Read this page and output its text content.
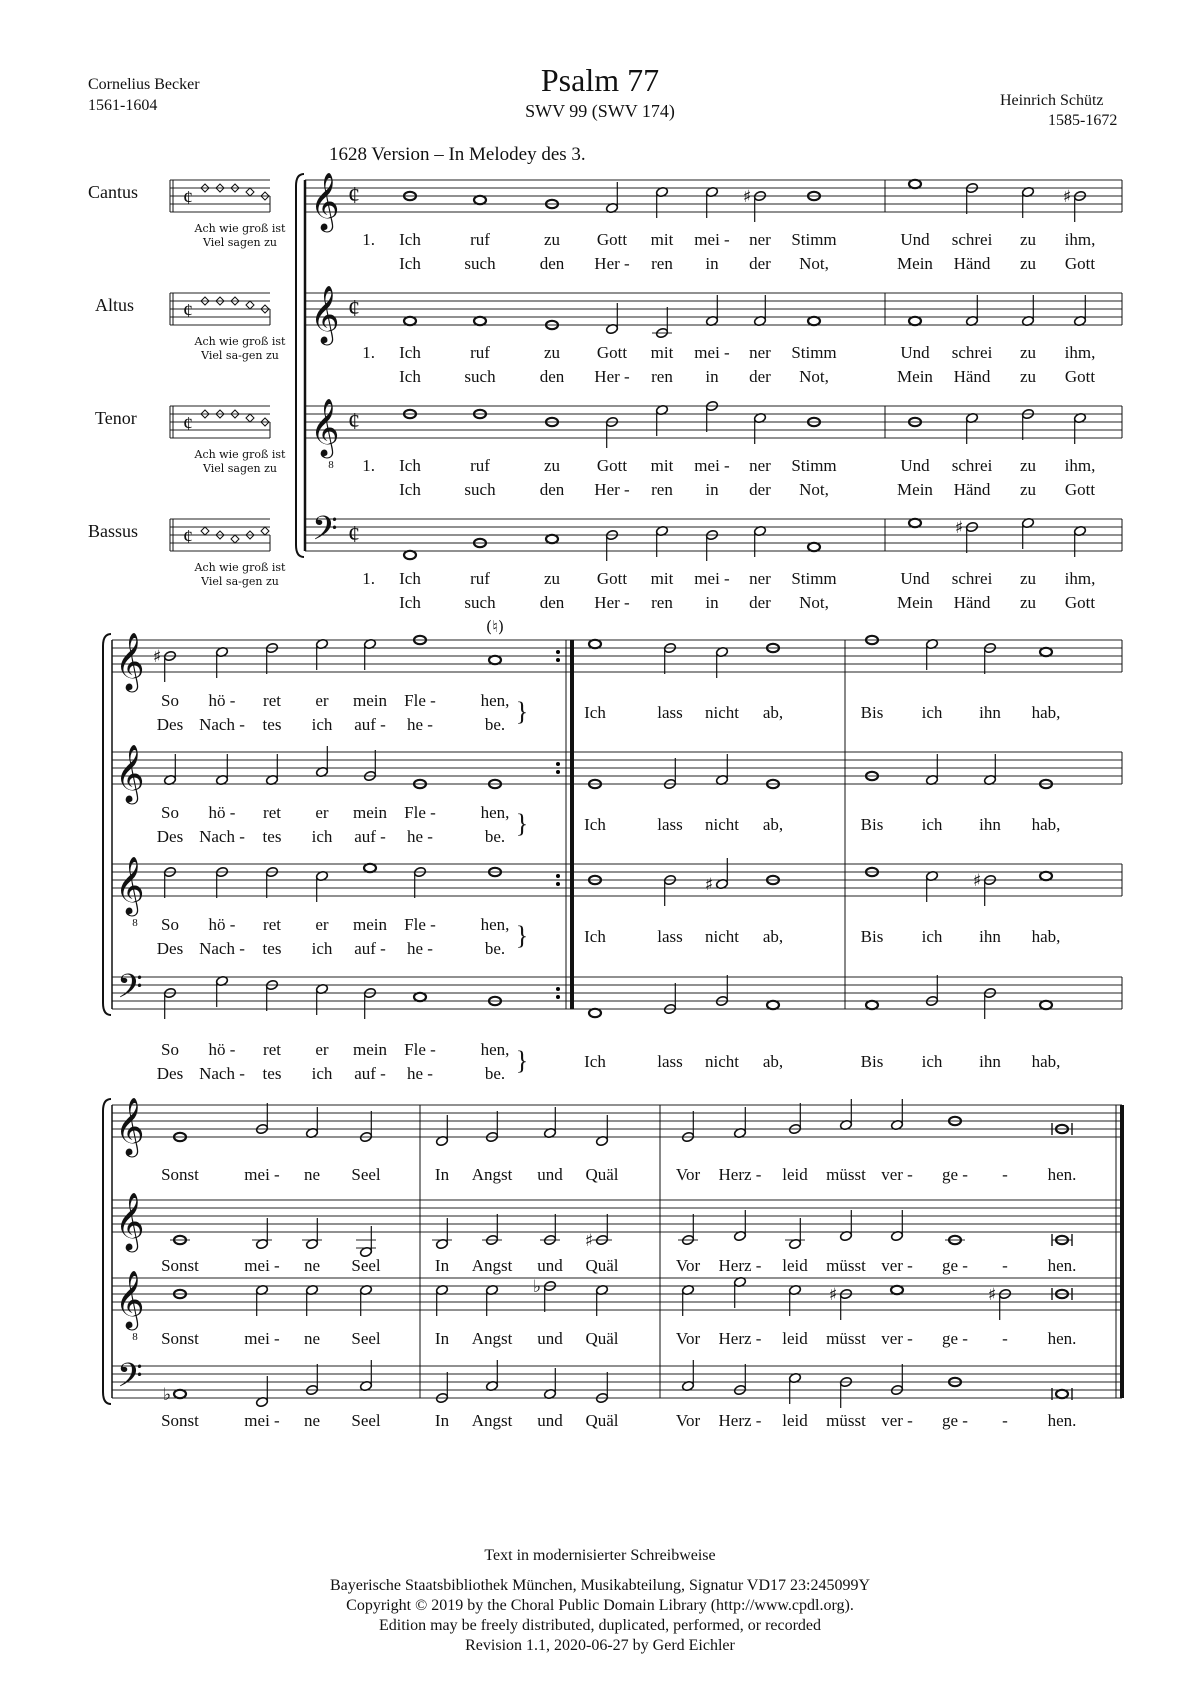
Psalm 77
SWV 99 (SWV 174)
Cornelius Becker
1561-1604	Heinrich Schütz
1585-1672
1628 Version – In Melodey des 3.
Cantus
Altus
Tenor
Bassus
¢
Ach wie groß ist
Viel sagen zu
¢
Ach wie groß ist
Viel sa-gen zu
¢
Ach wie groß ist
Viel sagen zu
¢
Ach wie groß ist
Viel sa-gen zu
𝄞 ¢
𝄞 ¢
𝄞
8
¢
𝄢 ¢
♯	♯
♯
1. Ich	ruf	zu Gott mit mei - ner Stimm	Und schrei zu ihm,
Ich	such	den Her - ren in der Not,	Mein Händ zu Gott
1. Ich	ruf	zu Gott mit mei - ner Stimm	Und schrei zu ihm,
Ich	such	den Her - ren in der Not,	Mein Händ zu Gott
1. Ich	ruf	zu Gott mit mei - ner Stimm	Und schrei zu ihm,
Ich	such	den Her - ren in der Not,	Mein Händ zu Gott
1. Ich	ruf	zu Gott mit mei - ner Stimm	Und schrei zu ihm,
Ich	such	den Her - ren in der Not,	Mein Händ zu Gott
𝄞
𝄞
𝄞
8
𝄢
(♮)
♯
♯	♯
So hö - ret er mein Fle -	hen,
Des Nach - tes ich auf - he -	be. }	Ich	lass nicht ab,	Bis ich ihn hab,
So hö - ret er mein Fle -	hen,
Des Nach - tes ich auf - he -	be. }	Ich	lass nicht ab,	Bis ich ihn hab,
So hö - ret er mein Fle -	hen,
Des Nach - tes ich auf - he -	be. }	Ich	lass nicht ab,	Bis ich ihn hab,
So hö - ret er mein Fle -	hen,
Des Nach - tes ich auf - he -	be. }	Ich	lass nicht ab,	Bis ich ihn hab,
𝄞
𝄞
𝄞
8
𝄢
♯
♭	♯	♯
♭
Sonst	mei - ne Seel	In Angst und Quäl	Vor Herz - leid müsst ver - ge - - hen.
Sonst	mei - ne Seel	In Angst und Quäl	Vor Herz - leid müsst ver - ge - - hen.
Sonst	mei - ne Seel	In Angst und Quäl	Vor Herz - leid müsst ver - ge - - hen.
Sonst	mei - ne Seel	In Angst und Quäl	Vor Herz - leid müsst ver - ge - - hen.
Text in modernisierter Schreibweise
Bayerische Staatsbibliothek München, Musikabteilung, Signatur VD17 23:245099Y
Copyright © 2019 by the Choral Public Domain Library (http://www.cpdl.org).
Edition may be freely distributed, duplicated, performed, or recorded
Revision 1.1, 2020-06-27 by Gerd Eichler
